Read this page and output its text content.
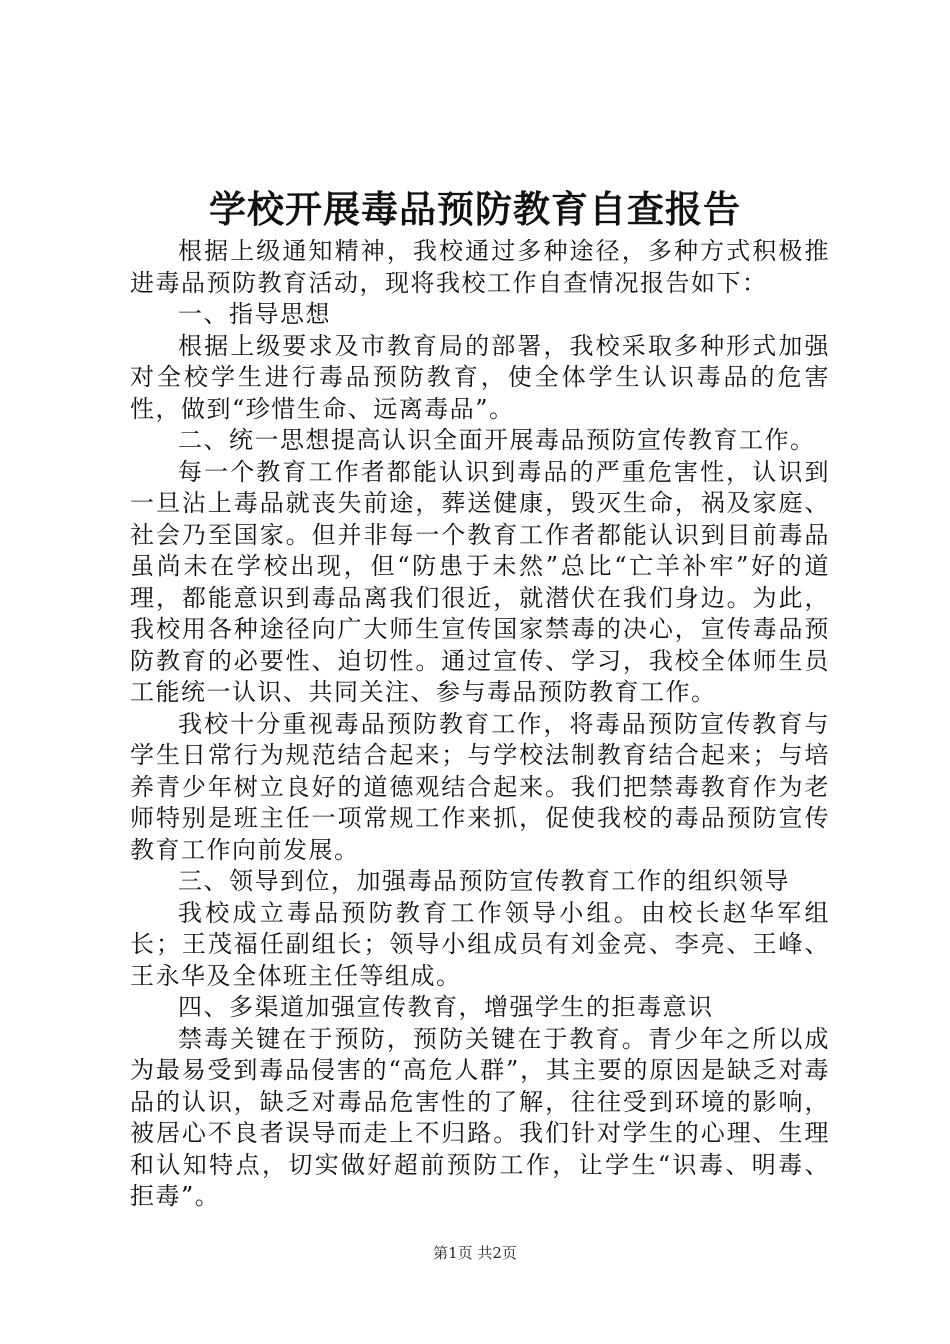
学校开展毒品预防教育自查报告

根据上级通知精神，我校通过多种途径，多种方式积极推进毒品预防教育活动，现将我校工作自查情况报告如下：

一、指导思想

根据上级要求及市教育局的部署，我校采取多种形式加强对全校学生进行毒品预防教育，使全体学生认识毒品的危害性，做到“珍惜生命、远离毒品”。

二、统一思想提高认识全面开展毒品预防宣传教育工作。

每一个教育工作者都能认识到毒品的严重危害性，认识到一旦沾上毒品就丧失前途，葬送健康，毁灭生命，祸及家庭、社会乃至国家。但并非每一个教育工作者都能认识到目前毒品虽尚未在学校出现，但“防患于未然”总比“亡羊补牢”好的道理，都能意识到毒品离我们很近，就潜伏在我们身边。为此，我校用各种途径向广大师生宣传国家禁毒的决心，宣传毒品预防教育的必要性、迫切性。通过宣传、学习，我校全体师生员工能统一认识、共同关注、参与毒品预防教育工作。

我校十分重视毒品预防教育工作，将毒品预防宣传教育与学生日常行为规范结合起来；与学校法制教育结合起来；与培养青少年树立良好的道德观结合起来。我们把禁毒教育作为老师特别是班主任一项常规工作来抓，促使我校的毒品预防宣传教育工作向前发展。

三、领导到位，加强毒品预防宣传教育工作的组织领导

我校成立毒品预防教育工作领导小组。由校长赵华军组长；王茂福任副组长；领导小组成员有刘金亮、李亮、王峰、王永华及全体班主任等组成。

四、多渠道加强宣传教育，增强学生的拒毒意识

禁毒关键在于预防，预防关键在于教育。青少年之所以成为最易受到毒品侵害的“高危人群”，其主要的原因是缺乏对毒品的认识，缺乏对毒品危害性的了解，往往受到环境的影响，被居心不良者误导而走上不归路。我们针对学生的心理、生理和认知特点，切实做好超前预防工作，让学生“识毒、明毒、拒毒”。

第1页 共2页
